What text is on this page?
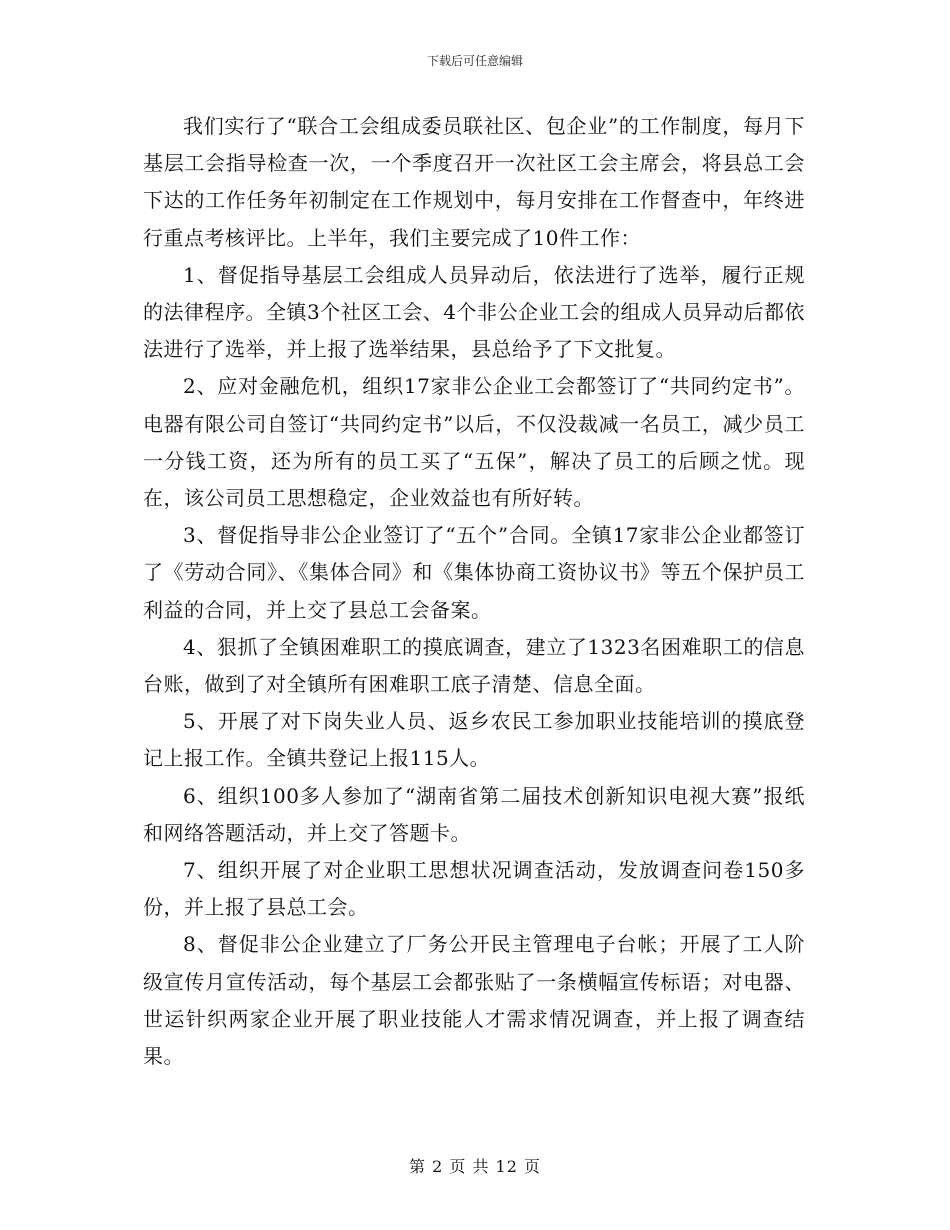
下载后可任意编辑

我们实行了“联合工会组成委员联社区、包企业”的工作制度，每月下基层工会指导检查一次，一个季度召开一次社区工会主席会，将县总工会下达的工作任务年初制定在工作规划中，每月安排在工作督查中，年终进行重点考核评比。上半年，我们主要完成了10件工作：

1、督促指导基层工会组成人员异动后，依法进行了选举，履行正规的法律程序。全镇3个社区工会、4个非公企业工会的组成人员异动后都依法进行了选举，并上报了选举结果，县总给予了下文批复。

2、应对金融危机，组织17家非公企业工会都签订了“共同约定书”。电器有限公司自签订“共同约定书”以后，不仅没裁减一名员工，减少员工一分钱工资，还为所有的员工买了“五保”，解决了员工的后顾之忧。现在，该公司员工思想稳定，企业效益也有所好转。

3、督促指导非公企业签订了“五个”合同。全镇17家非公企业都签订了《劳动合同》、《集体合同》和《集体协商工资协议书》等五个保护员工利益的合同，并上交了县总工会备案。

4、狠抓了全镇困难职工的摸底调查，建立了1323名困难职工的信息台账，做到了对全镇所有困难职工底子清楚、信息全面。

5、开展了对下岗失业人员、返乡农民工参加职业技能培训的摸底登记上报工作。全镇共登记上报115人。

6、组织100多人参加了“湖南省第二届技术创新知识电视大赛”报纸和网络答题活动，并上交了答题卡。

7、组织开展了对企业职工思想状况调查活动，发放调查问卷150多份，并上报了县总工会。

8、督促非公企业建立了厂务公开民主管理电子台帐；开展了工人阶级宣传月宣传活动，每个基层工会都张贴了一条横幅宣传标语；对电器、世运针织两家企业开展了职业技能人才需求情况调查，并上报了调查结果。

第 2 页 共 12 页
